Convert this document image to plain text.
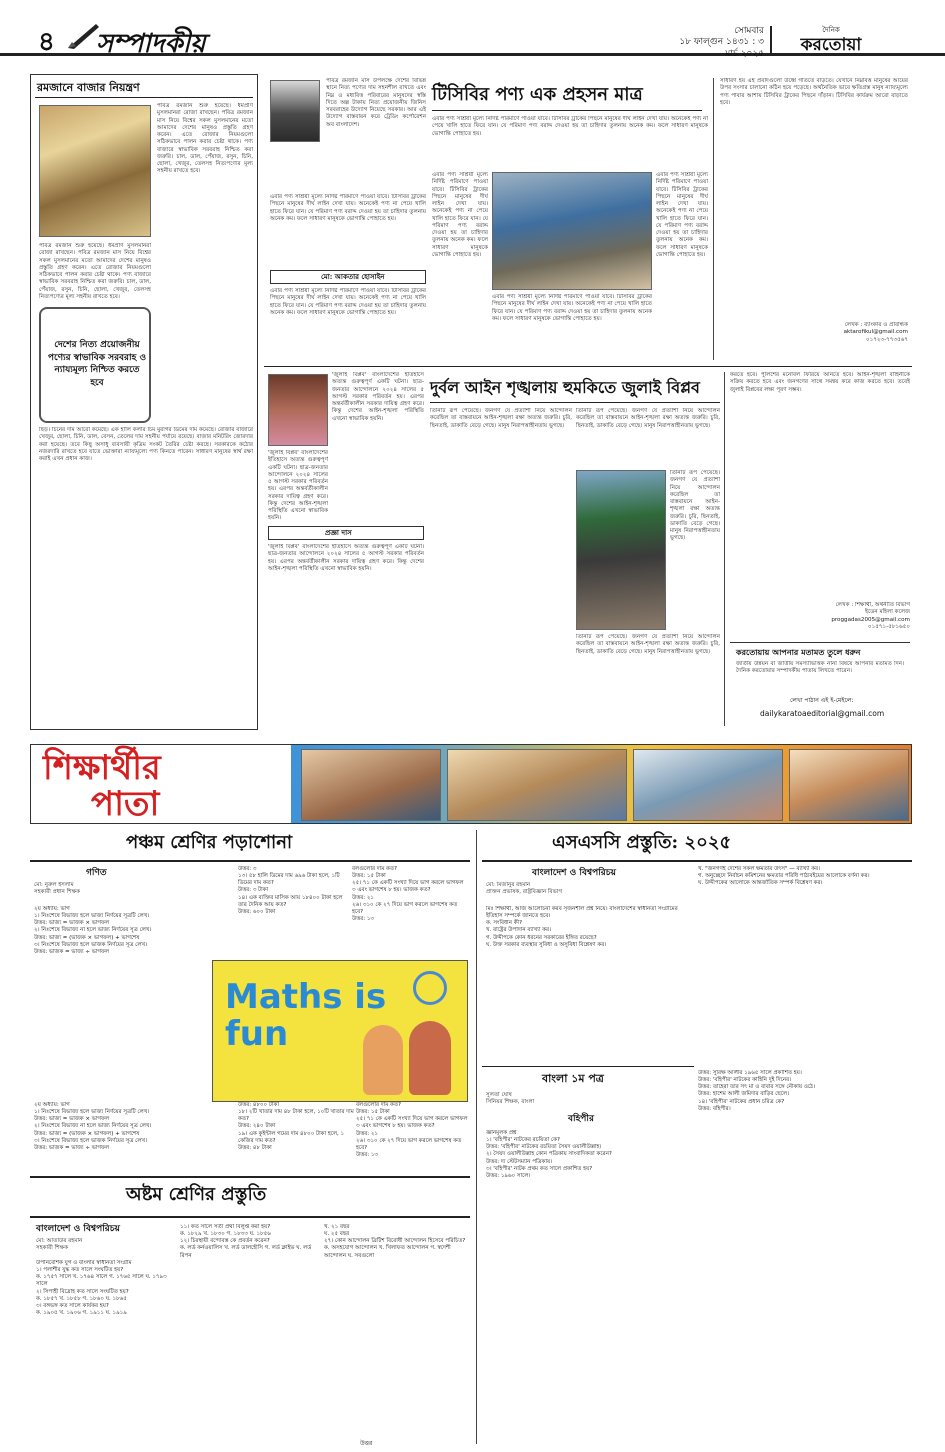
৪ সম্পাদকীয়	সোমবার
১৮ ফাল্গুন ১৪৩১ : ৩ মার্চ ২০২৫
দৈনিক
করতোয়া
রমজানে বাজার নিয়ন্ত্রণ
পবিত্র রমজান শুরু হয়েছে। ধর্মপ্রাণ মুসলমানরা রোজা রাখছেন। পবিত্র রমজান মাস নিয়ে বিশ্বের সকল মুসলমানের মতো আমাদের দেশের মানুষও প্রস্তুতি গ্রহণ করেন। এতে রোজার নিয়মগুলো সঠিকভাবে পালন করার চেষ্টা থাকে। পণ্য বাজারে স্বাভাবিক সরবরাহ নিশ্চিত করা জরুরি। চাল, ডাল, পেঁয়াজ, রসুন, চিনি, ছোলা, খেজুর, তেলসহ নিত্যপণ্যের মূল্য সহনীয় রাখতে হবে।
পবিত্র রমজান শুরু হয়েছে। ধর্মপ্রাণ মুসলমানরা রোজা রাখছেন। পবিত্র রমজান মাস নিয়ে বিশ্বের সকল মুসলমানের মতো আমাদের দেশের মানুষও প্রস্তুতি গ্রহণ করেন। এতে রোজার নিয়মগুলো সঠিকভাবে পালন করার চেষ্টা থাকে। পণ্য বাজারে স্বাভাবিক সরবরাহ নিশ্চিত করা জরুরি। চাল, ডাল, পেঁয়াজ, রসুন, চিনি, ছোলা, খেজুর, তেলসহ নিত্যপণ্যের মূল্য সহনীয় রাখতে হবে।
দেশের নিত্য প্রয়োজনীয় পণ্যের স্বাভাবিক সরবরাহ ও ন্যায্যমূল্য নিশ্চিত করতে হবে
ছিড়। চিনের দাম আরো কমেছে। এক হালি কলার চিম মুরগির ডিমের দাম কমেছে। রোজার বাজারে খেজুর, ছোলা, চিনি, ডাল, বেসন, তেলের দাম সহনীয় পর্যায়ে রয়েছে। বাজার মনিটরিং জোরদার করা হয়েছে। তবে কিছু অসাধু ব্যবসায়ী কৃত্রিম সংকট তৈরির চেষ্টা করছে। সরকারকে কঠোর নজরদারি রাখতে হবে যাতে ভোক্তারা ন্যায্যমূল্যে পণ্য কিনতে পারেন। সাধারণ মানুষের স্বার্থ রক্ষা করাই এখন প্রধান কাজ।
পবিত্র রমজান মাস উপলক্ষে দেশের বিভিন্ন স্থানে নিত্য পণ্যের দাম সহনশীল রাখতে এবং নিম্ন ও মধ্যবিত্ত পরিবারের মানুষদের স্বস্তি দিতে অল্প টাকায় নিত্য প্রয়োজনীয় জিনিস সরবরাহের উদ্যোগ নিয়েছে সরকার। আর এই উদ্যোগ বাস্তবায়ন করে ট্রেডিং কর্পোরেশন অব বাংলাদেশ।
টিসিবির পণ্য এক প্রহসন মাত্র
এবার পণ্য সাশ্রয়ী মূল্যে নির্দিষ্ট পরিমাণে পাওয়া যাবে। টিসিবির ট্রাকের পিছনে মানুষের দীর্ঘ লাইন দেখা যায়। অনেকেই পণ্য না পেয়ে খালি হাতে ফিরে যান। যে পরিমাণ পণ্য বরাদ্দ দেওয়া হয় তা চাহিদার তুলনায় অনেক কম। ফলে সাধারণ মানুষকে ভোগান্তি পোহাতে হয়।
এবার পণ্য সাশ্রয়ী মূল্যে নির্দিষ্ট পরিমাণে পাওয়া যাবে। টিসিবির ট্রাকের পিছনে মানুষের দীর্ঘ লাইন দেখা যায়। অনেকেই পণ্য না পেয়ে খালি হাতে ফিরে যান। যে পরিমাণ পণ্য বরাদ্দ দেওয়া হয় তা চাহিদার তুলনায় অনেক কম। ফলে সাধারণ মানুষকে ভোগান্তি পোহাতে হয়।
মো: আকতার হোসাইন
এবার পণ্য সাশ্রয়ী মূল্যে নির্দিষ্ট পরিমাণে পাওয়া যাবে। টিসিবির ট্রাকের পিছনে মানুষের দীর্ঘ লাইন দেখা যায়। অনেকেই পণ্য না পেয়ে খালি হাতে ফিরে যান। যে পরিমাণ পণ্য বরাদ্দ দেওয়া হয় তা চাহিদার তুলনায় অনেক কম। ফলে সাধারণ মানুষকে ভোগান্তি পোহাতে হয়।
এবার পণ্য সাশ্রয়ী মূল্যে নির্দিষ্ট পরিমাণে পাওয়া যাবে। টিসিবির ট্রাকের পিছনে মানুষের দীর্ঘ লাইন দেখা যায়। অনেকেই পণ্য না পেয়ে খালি হাতে ফিরে যান। যে পরিমাণ পণ্য বরাদ্দ দেওয়া হয় তা চাহিদার তুলনায় অনেক কম। ফলে সাধারণ মানুষকে ভোগান্তি পোহাতে হয়।
এবার পণ্য সাশ্রয়ী মূল্যে নির্দিষ্ট পরিমাণে পাওয়া যাবে। টিসিবির ট্রাকের পিছনে মানুষের দীর্ঘ লাইন দেখা যায়। অনেকেই পণ্য না পেয়ে খালি হাতে ফিরে যান। যে পরিমাণ পণ্য বরাদ্দ দেওয়া হয় তা চাহিদার তুলনায় অনেক কম। ফলে সাধারণ মানুষকে ভোগান্তি পোহাতে হয়।
এবার পণ্য সাশ্রয়ী মূল্যে নির্দিষ্ট পরিমাণে পাওয়া যাবে। টিসিবির ট্রাকের পিছনে মানুষের দীর্ঘ লাইন দেখা যায়। অনেকেই পণ্য না পেয়ে খালি হাতে ফিরে যান। যে পরিমাণ পণ্য বরাদ্দ দেওয়া হয় তা চাহিদার তুলনায় অনেক কম। ফলে সাধারণ মানুষকে ভোগান্তি পোহাতে হয়।
সাধারণ হয় এই প্রবাদগুলো উর্ধ্বে গতিতে বাড়তে। যেখানে নিম্নবিত্ত মানুষের আয়ের উপর সংসার চালানো কঠিন হয়ে পড়েছে। অর্থনৈতিক ভাবে ক্ষতিগ্রস্ত মানুষ ন্যায্যমূল্যে পণ্য পাবার আশায় টিসিবির ট্রাকের পিছনে দাঁড়ান। টিসিবির কার্যক্রম আরো বাড়াতে হবে।
লেখক : ব্যাংকার ও প্রাবন্ধিক
aktarofikul@gmail.com
০১৭২৩-৭৭৩৫৬৭
'জুলাই বিপ্লব' বাংলাদেশের ইতিহাসে অত্যন্ত গুরুত্বপূর্ণ একটি ঘটনা। ছাত্র-জনতার আন্দোলনে ২০২৪ সালের ৫ আগস্ট সরকার পরিবর্তন হয়। এরপর অন্তর্বর্তীকালীন সরকার দায়িত্ব গ্রহণ করে। কিন্তু দেশের আইন-শৃঙ্খলা পরিস্থিতি এখনো স্বাভাবিক হয়নি।
'জুলাই বিপ্লব' বাংলাদেশের ইতিহাসে অত্যন্ত গুরুত্বপূর্ণ একটি ঘটনা। ছাত্র-জনতার আন্দোলনে ২০২৪ সালের ৫ আগস্ট সরকার পরিবর্তন হয়। এরপর অন্তর্বর্তীকালীন সরকার দায়িত্ব গ্রহণ করে। কিন্তু দেশের আইন-শৃঙ্খলা পরিস্থিতি এখনো স্বাভাবিক হয়নি।
প্রজ্ঞা দাস
'জুলাই বিপ্লব' বাংলাদেশের ইতিহাসে অত্যন্ত গুরুত্বপূর্ণ একটি ঘটনা। ছাত্র-জনতার আন্দোলনে ২০২৪ সালের ৫ আগস্ট সরকার পরিবর্তন হয়। এরপর অন্তর্বর্তীকালীন সরকার দায়িত্ব গ্রহণ করে। কিন্তু দেশের আইন-শৃঙ্খলা পরিস্থিতি এখনো স্বাভাবিক হয়নি।
দুর্বল আইন শৃঙ্খলায় হুমকিতে জুলাই বিপ্লব
তিনিটি রূপ পেয়েছে। জনগণ যে প্রত্যাশা নিয়ে আন্দোলন করেছিল তা বাস্তবায়নে আইন-শৃঙ্খলা রক্ষা অত্যন্ত জরুরি। চুরি, ছিনতাই, ডাকাতি বেড়ে গেছে। মানুষ নিরাপত্তাহীনতায় ভুগছে।
তিনিটি রূপ পেয়েছে। জনগণ যে প্রত্যাশা নিয়ে আন্দোলন করেছিল তা বাস্তবায়নে আইন-শৃঙ্খলা রক্ষা অত্যন্ত জরুরি। চুরি, ছিনতাই, ডাকাতি বেড়ে গেছে। মানুষ নিরাপত্তাহীনতায় ভুগছে।
তিনিটি রূপ পেয়েছে। জনগণ যে প্রত্যাশা নিয়ে আন্দোলন করেছিল তা বাস্তবায়নে আইন-শৃঙ্খলা রক্ষা অত্যন্ত জরুরি। চুরি, ছিনতাই, ডাকাতি বেড়ে গেছে। মানুষ নিরাপত্তাহীনতায় ভুগছে।
তিনিটি রূপ পেয়েছে। জনগণ যে প্রত্যাশা নিয়ে আন্দোলন করেছিল তা বাস্তবায়নে আইন-শৃঙ্খলা রক্ষা অত্যন্ত জরুরি। চুরি, ছিনতাই, ডাকাতি বেড়ে গেছে। মানুষ নিরাপত্তাহীনতায় ভুগছে।
করতে হবে। পুলিশের মনোবল ফিরিয়ে আনতে হবে। আইন-শৃঙ্খলা বাহিনীকে সক্রিয় করতে হবে এবং জনগণের সাথে সমন্বয় করে কাজ করতে হবে। তবেই জুলাই বিপ্লবের লক্ষ্য পূরণ সম্ভব।
লেখক : শিক্ষার্থী, অর্থনীতি বিভাগ
ইডেন মহিলা কলেজ
proggadas2005@gmail.com
০১৫৭১-৫৮১৬৫০
করতোয়ায় আপনার মতামত তুলে ধরুন
জাতীয় উন্নয়ন বা জাতীয় সমস্যাভিত্তিক নানা বিষয়ে আপনার মতামত দিন। দৈনিক করতোয়ার সম্পাদকীয় পাতায় লিখতে পারেন।
লেখা পাঠান এই ই-মেইলে:
dailykaratoaeditorial@gmail.com
শিক্ষার্থীর
পাতা
পঞ্চম শ্রেণির পড়াশোনা
গণিত
মো: নুরুল ইসলাম
সহকারী প্রধান শিক্ষক
২য় অধ্যায়: ভাগ
১। নিঃশেষে বিভাজ্য হলে ভাজ্য নির্ণয়ের সূত্রটি লেখ।
উত্তর: ভাজ্য = ভাজক × ভাগফল
২। নিঃশেষে বিভাজ্য না হলে ভাজ্য নির্ণয়ের সূত্র লেখ।
উত্তর: ভাজ্য = (ভাজক × ভাগফল) + ভাগশেষ
৩। নিঃশেষে বিভাজ্য হলে ভাজক নির্ণয়ের সূত্র লেখ।
উত্তর: ভাজক = ভাজ্য ÷ ভাগফল
উত্তর: ৩
১৩। ৫৮ হালি ডিমের দাম ৬৯৬ টাকা হলে, ১টি ডিমের দাম কত?
উত্তর: ৩ টাকা
১৪। এক ব্যক্তির মাসিক আয় ১৮৪০০ টাকা হলে তার দৈনিক আয় কত?
উত্তর: ৬০০ টাকা
বলগুলোর দাম কত?
উত্তর: ১৫ টাকা
২৫। ৭১ কে একটি সংখ্যা দিয়ে ভাগ করলে ভাগফল ৩ এবং ভাগশেষ ৮ হয়। ভাজক কত?
উত্তর: ২১
২৬। ৩১০ কে ২৭ দিয়ে ভাগ করলে ভাগশেষ কত হবে?
উত্তর: ১৩
২য় অধ্যায়: ভাগ
১। নিঃশেষে বিভাজ্য হলে ভাজ্য নির্ণয়ের সূত্রটি লেখ।
উত্তর: ভাজ্য = ভাজক × ভাগফল
২। নিঃশেষে বিভাজ্য না হলে ভাজ্য নির্ণয়ের সূত্র লেখ।
উত্তর: ভাজ্য = (ভাজক × ভাগফল) + ভাগশেষ
৩। নিঃশেষে বিভাজ্য হলে ভাজক নির্ণয়ের সূত্র লেখ।
উত্তর: ভাজক = ভাজ্য ÷ ভাগফল
উত্তর: ৪৮০০ টাকা
১৮। ২টি খাতার দাম ৪৮ টাকা হলে, ১০টি খাতার দাম কত?
উত্তর: ২৪০ টাকা
১৯। এক কুইন্টাল গমের দাম ৪৮০০ টাকা হলে, ১ কেজির দাম কত?
উত্তর: ৪৮ টাকা
বলগুলোর দাম কত?
উত্তর: ১৫ টাকা
২৫। ৭১ কে একটি সংখ্যা দিয়ে ভাগ করলে ভাগফল ৩ এবং ভাগশেষ ৮ হয়। ভাজক কত?
উত্তর: ২১
২৬। ৩১০ কে ২৭ দিয়ে ভাগ করলে ভাগশেষ কত হবে?
উত্তর: ১৩
Maths is fun
অষ্টম শ্রেণির প্রস্তুতি
বাংলাদেশ ও বিশ্বপরিচয়
মো: আতাউর রহমান
সহকারী শিক্ষক
উপনিবেশিক যুগ ও বাংলার স্বাধীনতা সংগ্রাম
১। পলাশীর যুদ্ধ কত সালে সংঘটিত হয়?
ক. ১৭৫৭ সালে খ. ১৭৬৪ সালে গ. ১৭৬৫ সালে ঘ. ১৭৯৩ সালে
২। সিপাহী বিদ্রোহ কত সালে সংঘটিত হয়?
ক. ১৮৫৭ খ. ১৮৫৮ গ. ১৮৬০ ঘ. ১৮৬৫
৩। বঙ্গভঙ্গ কত সালে কার্যকর হয়?
ক. ১৯০৫ খ. ১৯০৬ গ. ১৯১১ ঘ. ১৯১৯
১১। কত সালে সতী প্রথা বিলুপ্ত করা হয়?
ক. ১৮২৯ খ. ১৮৩০ গ. ১৮৩৩ ঘ. ১৮৫৬
১২। চিরস্থায়ী বন্দোবস্ত কে প্রবর্তন করেন?
ক. লর্ড কর্নওয়ালিস খ. লর্ড ডালহৌসি গ. লর্ড ক্লাইভ ঘ. লর্ড রিপন
খ. ২১ বছর
ঘ. ২৫ বছর
২৭। কোন আন্দোলন ব্রিটিশ বিরোধী আন্দোলন হিসেবে পরিচিত?
ক. অসহযোগ আন্দোলন খ. খিলাফত আন্দোলন গ. স্বদেশী আন্দোলন ঘ. সবগুলো
এসএসসি প্রস্তুতি: ২০২৫
বাংলাদেশ ও বিশ্বপরিচয়
মো: মিজানুর রহমান
প্রাক্তন প্রভাষক, রাষ্ট্রবিজ্ঞান বিভাগ
মিঃ শিক্ষার্থী, আজ আলোচনা করব সৃজনশীল প্রশ্ন নিয়ে। বাংলাদেশের স্বাধীনতা সংগ্রামের ইতিহাস সম্পর্কে জানতে হবে।
ক. সংবিধান কী?
খ. রাষ্ট্রের উপাদান ব্যাখ্যা কর।
গ. উদ্দীপকে কোন ধরনের সরকারের ইঙ্গিত রয়েছে?
ঘ. উক্ত সরকার ব্যবস্থার সুবিধা ও অসুবিধা বিশ্লেষণ কর।
খ. "জনগণই দেশের সকল ক্ষমতার উৎস" — ব্যাখ্যা কর।
গ. অনুচ্ছেদে নির্বাচন কমিশনের ক্ষমতার পরিধি পাঠ্যবইয়ের আলোকে বর্ণনা কর।
ঘ. উদ্দীপকের আলোকে আন্তর্জাতিক সম্পর্ক বিশ্লেষণ কর।
বাংলা ১ম পত্র
সুলতা ঘোষ
সিনিয়র শিক্ষক, বাংলা
বহিপীর
জ্ঞানমূলক প্রশ্ন
১। 'বহিপীর' নাটকের রচয়িতা কে?
উত্তর: 'বহিপীর' নাটকের রচয়িতা সৈয়দ ওয়ালীউল্লাহ।
২। সৈয়দ ওয়ালীউল্লাহ কোন পত্রিকায় সাংবাদিকতা করেন?
উত্তর: দ্য স্টেটসম্যান পত্রিকায়।
৩। 'বহিপীর' নাটক প্রথম কত সালে প্রকাশিত হয়?
উত্তর: ১৯৬০ সালে।
উত্তর: সুরিক্ষ আলীর ১৯৬৫ সালে প্রকাশিত হয়।
উত্তর: 'বহিপীর' নাটকের কাহিনি দুই দিনের।
উত্তর: তাহেরা তার সৎ মা ও বাবার সঙ্গে নৌকায় ওঠে।
উত্তর: হাশেম আলী জমিদার বাড়ির ছেলে।
১৪। 'বহিপীর' নাটকের প্রধান চরিত্র কে?
উত্তর: বহিপীর।
উত্তর
